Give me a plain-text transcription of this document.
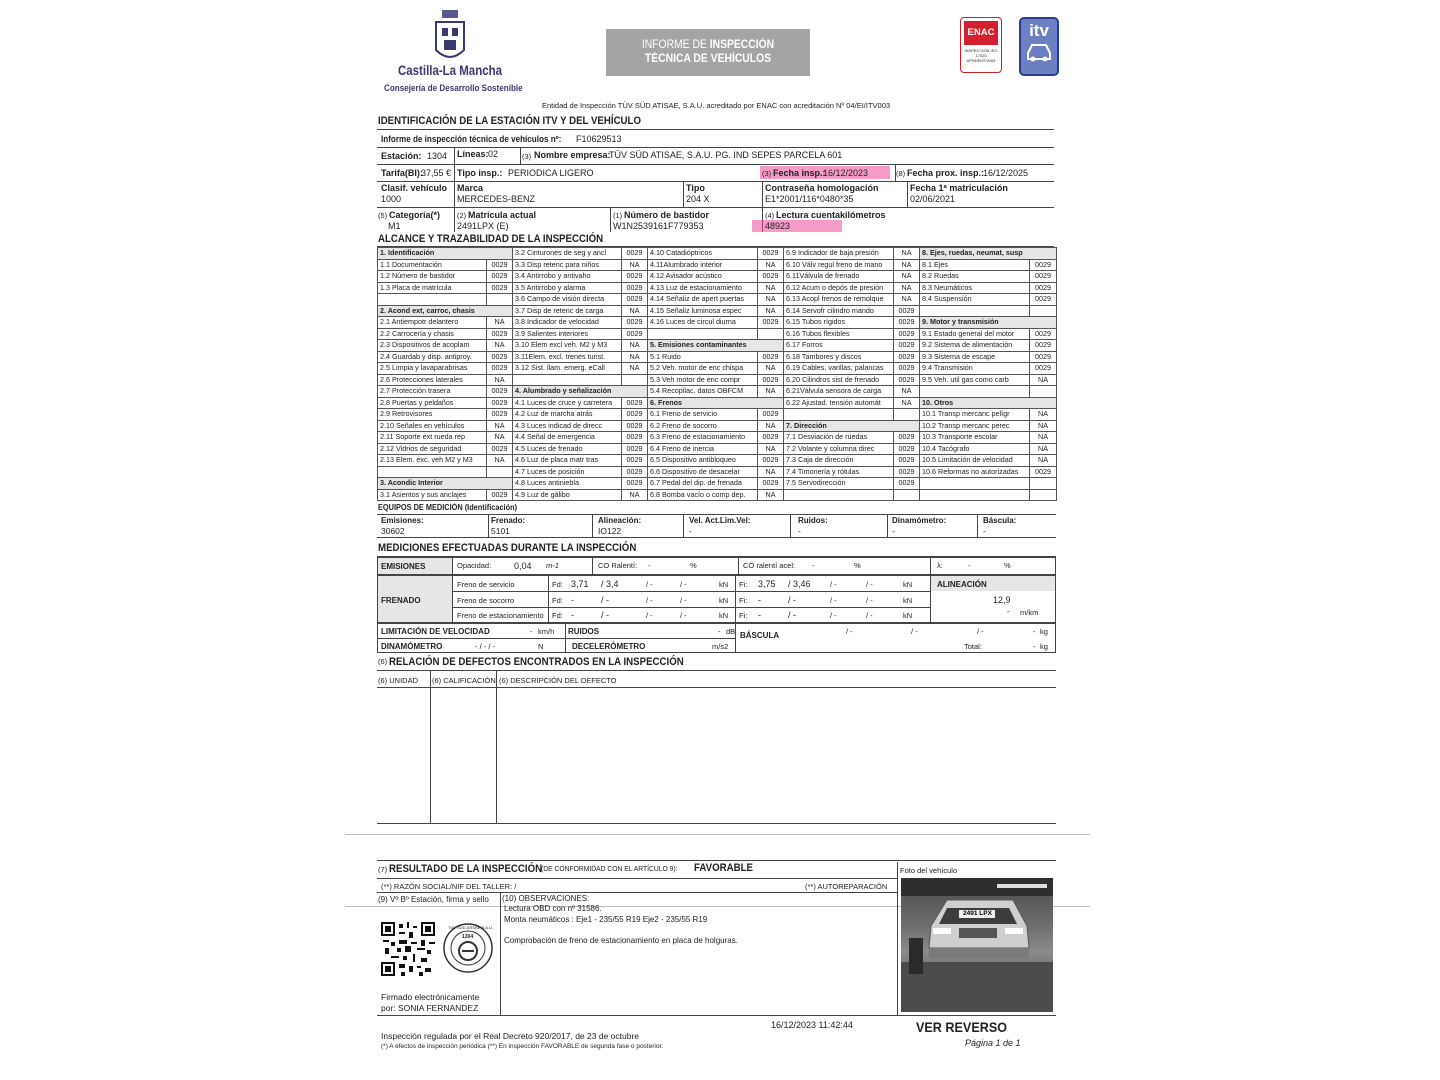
Castilla-La Mancha
Consejería de Desarrollo Sostenible
INFORME DE INSPECCIÓN
TÉCNICA DE VEHÍCULOS
ENAC
INSPECCIÓN ISO 17020 AP04/EI/ITV003
itv
Entidad de Inspección TÜV SÜD ATISAE, S.A.U. acreditado por ENAC con acreditación Nº 04/EI/ITV003
IDENTIFICACIÓN DE LA ESTACIÓN ITV Y DEL VEHÍCULO
Informe de inspección técnica de vehículos nº: F10629513
Estación: 1304 Líneas: 02	(3) Nombre empresa:
TÜV SÜD ATISAE, S.A.U. PG. IND SEPES PARCELA 601
Tarifa(BI):
37,55 € Tipo insp.: PERIODICA LIGERO	(3) Fecha insp.:
16/12/2023	(8) Fecha prox. insp.:
16/12/2025
Clasif. vehículo
1000
Marca
MERCEDES-BENZ
Tipo
204 X
Contraseña homologación
E1*2001/116*0480*35
Fecha 1ª matriculación
02/06/2021
(5) Categoría(*)
M1
(2) Matrícula actual
2491LPX (E)
(1) Número de bastidor
W1N2539161F779353
(4) Lectura cuentakilómetros
48923
ALCANCE Y TRAZABILIDAD DE LA INSPECCIÓN
1. Identificación		3.2 Cinturones de seg y ancl	0029	4.10 Catadióptricos	0029	6.9 Indicador de baja presión	NA	8. Ejes, ruedas, neumat, susp	
1.1 Documentación	0029	3.3 Disp retenc para niños	NA	4.11Alumbrado interior	NA	6.10 Válv regul freno de mano	NA	8.1 Ejes	0029
1.2 Número de bastidor	0029	3.4 Antirrobo y antivaho	0029	4.12 Avisador acústico	0029	6.11Válvula de frenado	NA	8.2 Ruedas	0029
1.3 Placa de matrícula	0029	3.5 Antirrobo y alarma	0029	4.13 Luz de estacionamiento	NA	6.12 Acum o depós de presión	NA	8.3 Neumáticos	0029
		3.6 Campo de visión directa	0029	4.14 Señaliz de apert puertas	NA	6.13 Acopl frenos de remolque	NA	8.4 Suspensión	0029
2. Acond ext, carroc, chasis		3.7 Disp de retenc de carga	NA	4.15 Señaliz luminosa espec	NA	6.14 Servofr cilindro mando	0029		
2.1 Antiempotr delantero	NA	3.8 Indicador de velocidad	0029	4.16 Luces de circul diurna	0029	6.15 Tubos rígidos	0029	9. Motor y transmisión	
2.2 Carrocería y chasis	0029	3.9 Salientes interiores	0029			6.16 Tubos flexibles	0029	9.1 Estado general del motor	0029
2.3 Dispositivos de acoplam	NA	3.10 Elem excl veh. M2 y M3	NA	5. Emisiones contaminantes		6.17 Forros	0029	9.2 Sistema de alimentación	0029
2.4 Guardab y disp. antiproy.	0029	3.11Elem. excl. trenes turist.	NA	5.1 Ruido	0029	6.18 Tambores y discos	0029	9.3 Sistema de escape	0029
2.5 Limpia y lavaparabrisas	0029	3.12 Sist. llam. emerg. eCall	NA	5.2 Veh. motor de enc chispa	NA	6.19 Cables, varillas, palancas	0029	9.4 Transmisión	0029
2.6 Protecciones laterales	NA			5.3 Veh motor de enc compr	0029	6.20 Cilindros sist de frenado	0029	9.5 Veh. util gas como carb	NA
2.7 Protección trasera	0029	4. Alumbrado y señalización		5.4 Recopilac. datos OBFCM	NA	6.21Válvula sensora de carga	NA		
2.8 Puertas y peldaños	0029	4.1 Luces de cruce y carretera	0029	6. Frenos		6.22 Ajustad. tensión automát	NA	10. Otros	
2.9 Retrovisores	0029	4.2 Luz de marcha atrás	0029	6.1 Freno de servicio	0029			10.1 Transp mercanc pelígr	NA
2.10 Señales en vehículos	NA	4.3 Luces indicad de direcc	0029	6.2 Freno de socorro	NA	7. Dirección		10.2 Transp mercanc perec	NA
2.11 Soporte ext rueda rep	NA	4.4 Señal de emergencia	0029	6.3 Freno de estacionamiento	0029	7.1 Desviación de ruedas	0029	10.3 Transporte escolar	NA
2.12 Vidrios de seguridad	0029	4.5 Luces de frenado	0029	6.4 Freno de inercia	NA	7.2 Volante y columna direc	0029	10.4 Tacógrafo	NA
2.13 Elem. exc. veh M2 y M3	NA	4.6 Luz de placa matr tras	0029	6.5 Dispositivo antibloqueo	0029	7.3 Caja de dirección	0029	10.5 Limitación de velocidad	NA
		4.7 Luces de posición	0029	6.6 Dispositivo de desacelar	NA	7.4 Timonería y rótulas	0029	10.6 Reformas no autorizadas	0029
3. Acondic Interior		4.8 Luces antiniebla	0029	6.7 Pedal del dip. de frenada	0029	7.5 Servodirección	0029		
3.1 Asientos y sus anclajes	0029	4.9 Luz de gálibo	NA	6.8 Bomba vacío o comp dep.	NA				
EQUIPOS DE MEDICIÓN (Identificación)
Emisiones:
30602
Frenado:
5101
Alineación:
IO122
Vel. Act.Lim.Vel:
-
Ruidos:
-
Dinamómetro:
-
Báscula:
-
MEDICIONES EFECTUADAS DURANTE LA INSPECCIÓN
EMISIONES	Opacidad:	0,04 m-1	CO Ralentí: -	%	CO ralentí acel: -	%	λ:	-	%
FRENADO
Freno de servicio	Fd: 3,71 / 3,4	/ -	/ -	kN Fi: 3,75 / 3,46	/ -	/ -	kN
Freno de socorro	Fd: -	/ -	/ -	/ -	kN Fi: -	/ -	/ -	/ -	kN
Freno de estacionamiento Fd: -	/ -	/ -	/ -	kN Fi: -	/ -	/ -	/ -	kN
ALINEACIÓN
12,9
- m/km
LIMITACIÓN DE VELOCIDAD	- km/h RUIDOS	- dB
DINAMÓMETRO	- / - / -	N	DECELERÓMETRO	m/s2
BÁSCULA	/ -	/ -	/ -	- kg
Total:	- kg
(6) RELACIÓN DE DEFECTOS ENCONTRADOS EN LA INSPECCIÓN
(6) UNIDAD (6) CALIFICACIÓN (6) DESCRIPCIÓN DEL DEFECTO
(7) RESULTADO DE LA INSPECCIÓN
(DE CONFORMIDAD CON EL ARTÍCULO 9): FAVORABLE
(**) RAZÓN SOCIAL/NIF DEL TALLER: /	(**) AUTOREPARACIÓN
Foto del vehículo
2491 LPX
(9) Vº Bº Estación, firma y sello (10) OBSERVACIONES:
Lectura OBD con nº 31586.
Monta neumáticos : Eje1 - 235/55 R19 Eje2 - 235/55 R19
Comprobación de freno de estacionamiento en placa de holguras.
TÜV SÜD ATISAE S.A.U.
1304
Firmado electrónicamente
por: SONIA FERNANDEZ
Inspección regulada por el Real Decreto 920/2017, de 23 de octubre
(*) A efectos de inspección periódica (**) En inspección FAVORABLE de segunda fase o posterior.
16/12/2023 11:42:44	VER REVERSO
Página 1 de 1
